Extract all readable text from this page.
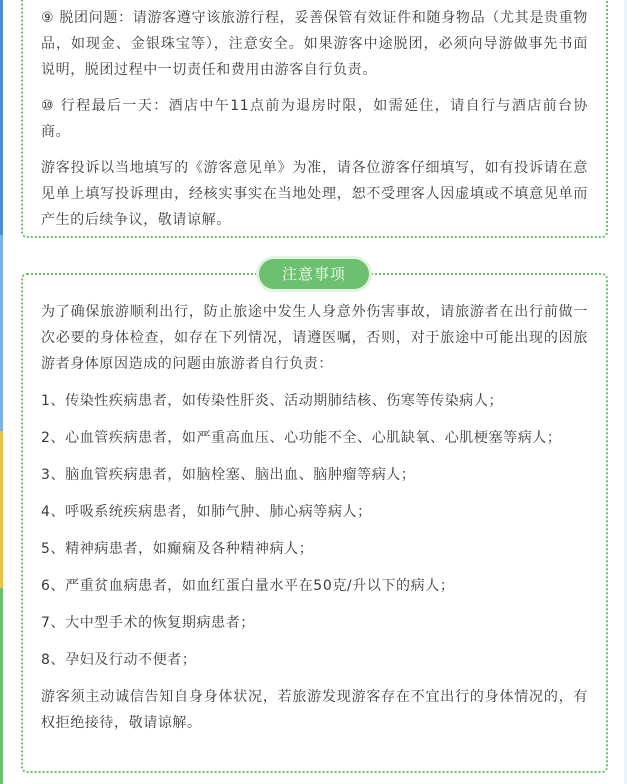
⑨ 脱团问题：请游客遵守该旅游行程，妥善保管有效证件和随身物品（尤其是贵重物品，如现金、金银珠宝等），注意安全。如果游客中途脱团，必须向导游做事先书面说明，脱团过程中一切责任和费用由游客自行负责。

⑩ 行程最后一天：酒店中午11点前为退房时限，如需延住，请自行与酒店前台协商。

游客投诉以当地填写的《游客意见单》为准，请各位游客仔细填写，如有投诉请在意见单上填写投诉理由，经核实事实在当地处理，恕不受理客人因虚填或不填意见单而产生的后续争议，敬请谅解。

为了确保旅游顺利出行，防止旅途中发生人身意外伤害事故，请旅游者在出行前做一次必要的身体检查，如存在下列情况，请遵医嘱，否则，对于旅途中可能出现的因旅游者身体原因造成的问题由旅游者自行负责：

1、传染性疾病患者，如传染性肝炎、活动期肺结核、伤寒等传染病人；

2、心血管疾病患者，如严重高血压、心功能不全、心肌缺氧、心肌梗塞等病人；

3、脑血管疾病患者，如脑栓塞、脑出血、脑肿瘤等病人；

4、呼吸系统疾病患者，如肺气肿、肺心病等病人；

5、精神病患者，如癫痫及各种精神病人；

6、严重贫血病患者，如血红蛋白量水平在50克/升以下的病人；

7、大中型手术的恢复期病患者；

8、孕妇及行动不便者；

游客须主动诚信告知自身身体状况，若旅游发现游客存在不宜出行的身体情况的，有权拒绝接待，敬请谅解。

注意事项
